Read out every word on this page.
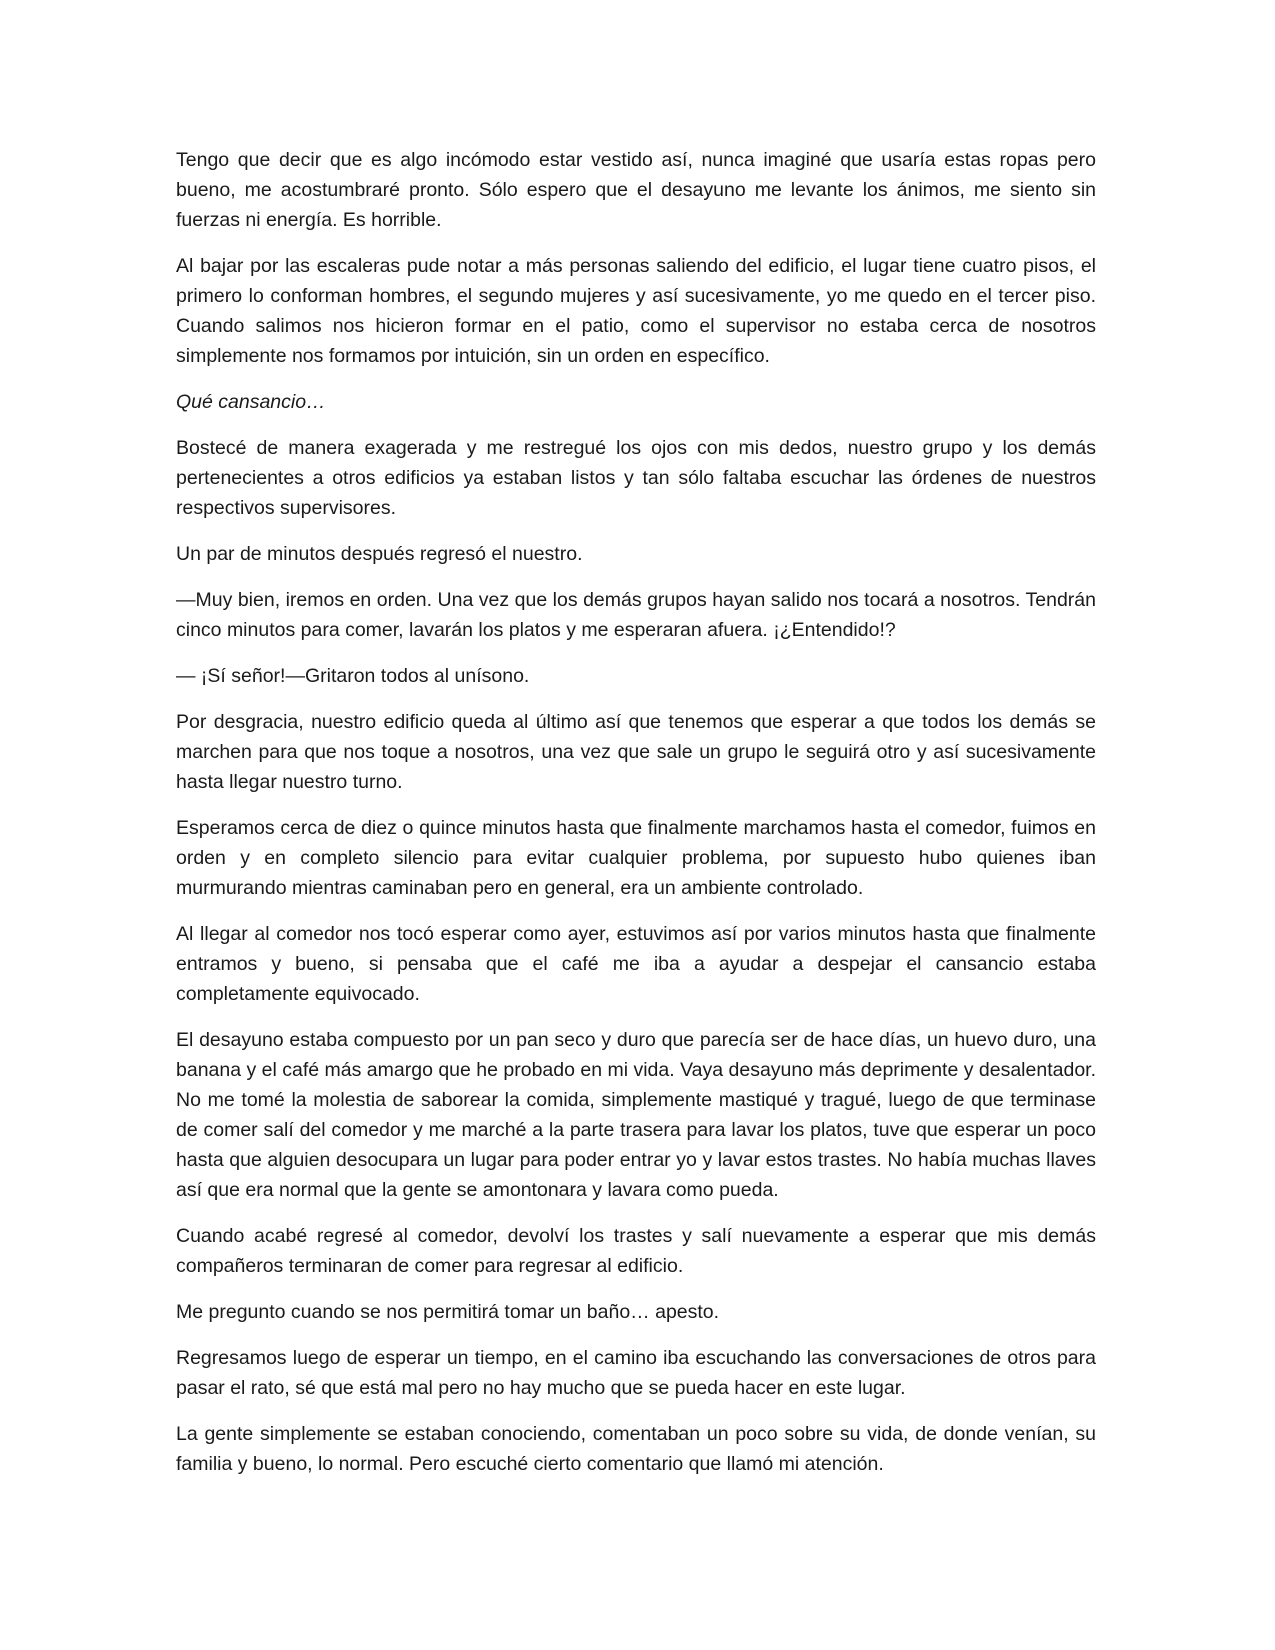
Tengo que decir que es algo incómodo estar vestido así, nunca imaginé que usaría estas ropas pero bueno, me acostumbraré pronto. Sólo espero que el desayuno me levante los ánimos, me siento sin fuerzas ni energía. Es horrible.

Al bajar por las escaleras pude notar a más personas saliendo del edificio, el lugar tiene cuatro pisos, el primero lo conforman hombres, el segundo mujeres y así sucesivamente, yo me quedo en el tercer piso. Cuando salimos nos hicieron formar en el patio, como el supervisor no estaba cerca de nosotros simplemente nos formamos por intuición, sin un orden en específico.

Qué cansancio…

Bostecé de manera exagerada y me restregué los ojos con mis dedos, nuestro grupo y los demás pertenecientes a otros edificios ya estaban listos y tan sólo faltaba escuchar las órdenes de nuestros respectivos supervisores.

Un par de minutos después regresó el nuestro.

—Muy bien, iremos en orden. Una vez que los demás grupos hayan salido nos tocará a nosotros. Tendrán cinco minutos para comer, lavarán los platos y me esperaran afuera. ¡¿Entendido!?

— ¡Sí señor!—Gritaron todos al unísono.

Por desgracia, nuestro edificio queda al último así que tenemos que esperar a que todos los demás se marchen para que nos toque a nosotros, una vez que sale un grupo le seguirá otro y así sucesivamente hasta llegar nuestro turno.

Esperamos cerca de diez o quince minutos hasta que finalmente marchamos hasta el comedor, fuimos en orden y en completo silencio para evitar cualquier problema, por supuesto hubo quienes iban murmurando mientras caminaban pero en general, era un ambiente controlado.

Al llegar al comedor nos tocó esperar como ayer, estuvimos así por varios minutos hasta que finalmente entramos y bueno, si pensaba que el café me iba a ayudar a despejar el cansancio estaba completamente equivocado.

El desayuno estaba compuesto por un pan seco y duro que parecía ser de hace días, un huevo duro, una banana y el café más amargo que he probado en mi vida. Vaya desayuno más deprimente y desalentador. No me tomé la molestia de saborear la comida, simplemente mastiqué y tragué, luego de que terminase de comer salí del comedor y me marché a la parte trasera para lavar los platos, tuve que esperar un poco hasta que alguien desocupara un lugar para poder entrar yo y lavar estos trastes. No había muchas llaves así que era normal que la gente se amontonara y lavara como pueda.

Cuando acabé regresé al comedor, devolví los trastes y salí nuevamente a esperar que mis demás compañeros terminaran de comer para regresar al edificio.

Me pregunto cuando se nos permitirá tomar un baño… apesto.

Regresamos luego de esperar un tiempo, en el camino iba escuchando las conversaciones de otros para pasar el rato, sé que está mal pero no hay mucho que se pueda hacer en este lugar.

La gente simplemente se estaban conociendo, comentaban un poco sobre su vida, de donde venían, su familia y bueno, lo normal. Pero escuché cierto comentario que llamó mi atención.
